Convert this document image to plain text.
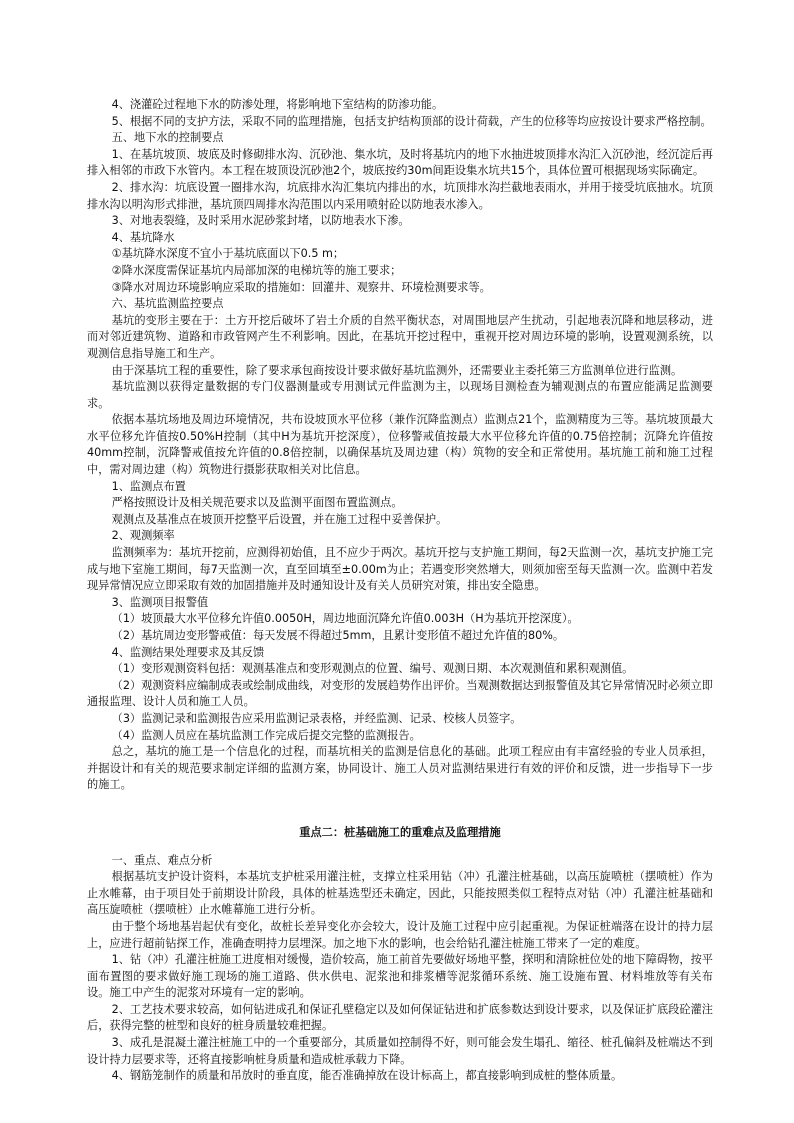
4、浇灌砼过程地下水的防渗处理，将影响地下室结构的防渗功能。

5、根据不同的支护方法，采取不同的监理措施，包括支护结构顶部的设计荷载，产生的位移等均应按设计要求严格控制。

五、地下水的控制要点

1、在基坑坡顶、坡底及时修砌排水沟、沉砂池、集水坑，及时将基坑内的地下水抽进坡顶排水沟汇入沉砂池，经沉淀后再排入相邻的市政下水管内。本工程在坡顶设沉砂池2个，坡底按约30m间距设集水坑共15个，具体位置可根据现场实际确定。

2、排水沟：坑底设置一圈排水沟，坑底排水沟汇集坑内排出的水，坑顶排水沟拦截地表雨水，并用于接受坑底抽水。坑顶排水沟以明沟形式排泄，基坑顶四周排水沟范围以内采用喷射砼以防地表水渗入。

3、对地表裂缝，及时采用水泥砂浆封堵，以防地表水下渗。

4、基坑降水

①基坑降水深度不宜小于基坑底面以下0.5 m；

②降水深度需保证基坑内局部加深的电梯坑等的施工要求；

③降水对周边环境影响应采取的措施如：回灌井、观察井、环境检测要求等。

六、基坑监测监控要点

基坑的变形主要在于：土方开挖后破坏了岩土介质的自然平衡状态，对周围地层产生扰动，引起地表沉降和地层移动，进而对邻近建筑物、道路和市政管网产生不利影响。因此，在基坑开挖过程中，重视开挖对周边环境的影响，设置观测系统，以观测信息指导施工和生产。

由于深基坑工程的重要性，除了要求承包商按设计要求做好基坑监测外，还需要业主委托第三方监测单位进行监测。

基坑监测以获得定量数据的专门仪器测量或专用测试元件监测为主，以现场目测检查为辅观测点的布置应能满足监测要求。

依据本基坑场地及周边环境情况，共布设坡顶水平位移（兼作沉降监测点）监测点21个，监测精度为三等。基坑坡顶最大水平位移允许值按0.50%H控制（其中H为基坑开挖深度），位移警戒值按最大水平位移允许值的0.75倍控制；沉降允许值按40mm控制，沉降警戒值按允许值的0.8倍控制，以确保基坑及周边建（构）筑物的安全和正常使用。基坑施工前和施工过程中，需对周边建（构）筑物进行摄影获取相关对比信息。

1、监测点布置

严格按照设计及相关规范要求以及监测平面图布置监测点。

观测点及基准点在坡顶开挖整平后设置，并在施工过程中妥善保护。

2、观测频率

监测频率为：基坑开挖前，应测得初始值，且不应少于两次。基坑开挖与支护施工期间，每2天监测一次，基坑支护施工完成与地下室施工期间，每7天监测一次，直至回填至±0.00m为止；若遇变形突然增大，则须加密至每天监测一次。监测中若发现异常情况应立即采取有效的加固措施并及时通知设计及有关人员研究对策，排出安全隐患。

3、监测项目报警值

（1）坡顶最大水平位移允许值0.0050H，周边地面沉降允许值0.003H（H为基坑开挖深度）。

（2）基坑周边变形警戒值：每天发展不得超过5mm，且累计变形值不超过允许值的80%。

4、监测结果处理要求及其反馈

（1）变形观测资料包括：观测基准点和变形观测点的位置、编号、观测日期、本次观测值和累积观测值。

（2）观测资料应编制成表或绘制成曲线，对变形的发展趋势作出评价。当观测数据达到报警值及其它异常情况时必须立即通报监理、设计人员和施工人员。

（3）监测记录和监测报告应采用监测记录表格，并经监测、记录、校核人员签字。

（4）监测人员应在基坑监测工作完成后提交完整的监测报告。

总之，基坑的施工是一个信息化的过程，而基坑相关的监测是信息化的基础。此项工程应由有丰富经验的专业人员承担，并据设计和有关的规范要求制定详细的监测方案，协同设计、施工人员对监测结果进行有效的评价和反馈，进一步指导下一步的施工。

重点二：桩基础施工的重难点及监理措施

一、重点、难点分析

根据基坑支护设计资料，本基坑支护桩采用灌注桩，支撑立柱采用钻（冲）孔灌注桩基础，以高压旋喷桩（摆喷桩）作为止水帷幕，由于项目处于前期设计阶段，具体的桩基选型还未确定，因此，只能按照类似工程特点对钻（冲）孔灌注桩基础和高压旋喷桩（摆喷桩）止水帷幕施工进行分析。

由于整个场地基岩起伏有变化，故桩长差异变化亦会较大，设计及施工过程中应引起重视。为保证桩端落在设计的持力层上，应进行超前钻探工作，准确查明持力层埋深。加之地下水的影响，也会给钻孔灌注桩施工带来了一定的难度。

1、钻（冲）孔灌注桩施工进度相对缓慢，造价较高，施工前首先要做好场地平整，探明和清除桩位处的地下障碍物，按平面布置图的要求做好施工现场的施工道路、供水供电、泥浆池和排浆槽等泥浆循环系统、施工设施布置、材料堆放等有关布设。施工中产生的泥浆对环境有一定的影响。

2、工艺技术要求较高，如何钻进成孔和保证孔壁稳定以及如何保证钻进和扩底参数达到设计要求，以及保证扩底段砼灌注后，获得完整的桩型和良好的桩身质量较难把握。

3、成孔是混凝土灌注桩施工中的一个重要部分，其质量如控制得不好，则可能会发生塌孔、缩径、桩孔偏斜及桩端达不到设计持力层要求等，还将直接影响桩身质量和造成桩承载力下降。

4、钢筋笼制作的质量和吊放时的垂直度，能否准确掉放在设计标高上，都直接影响到成桩的整体质量。
